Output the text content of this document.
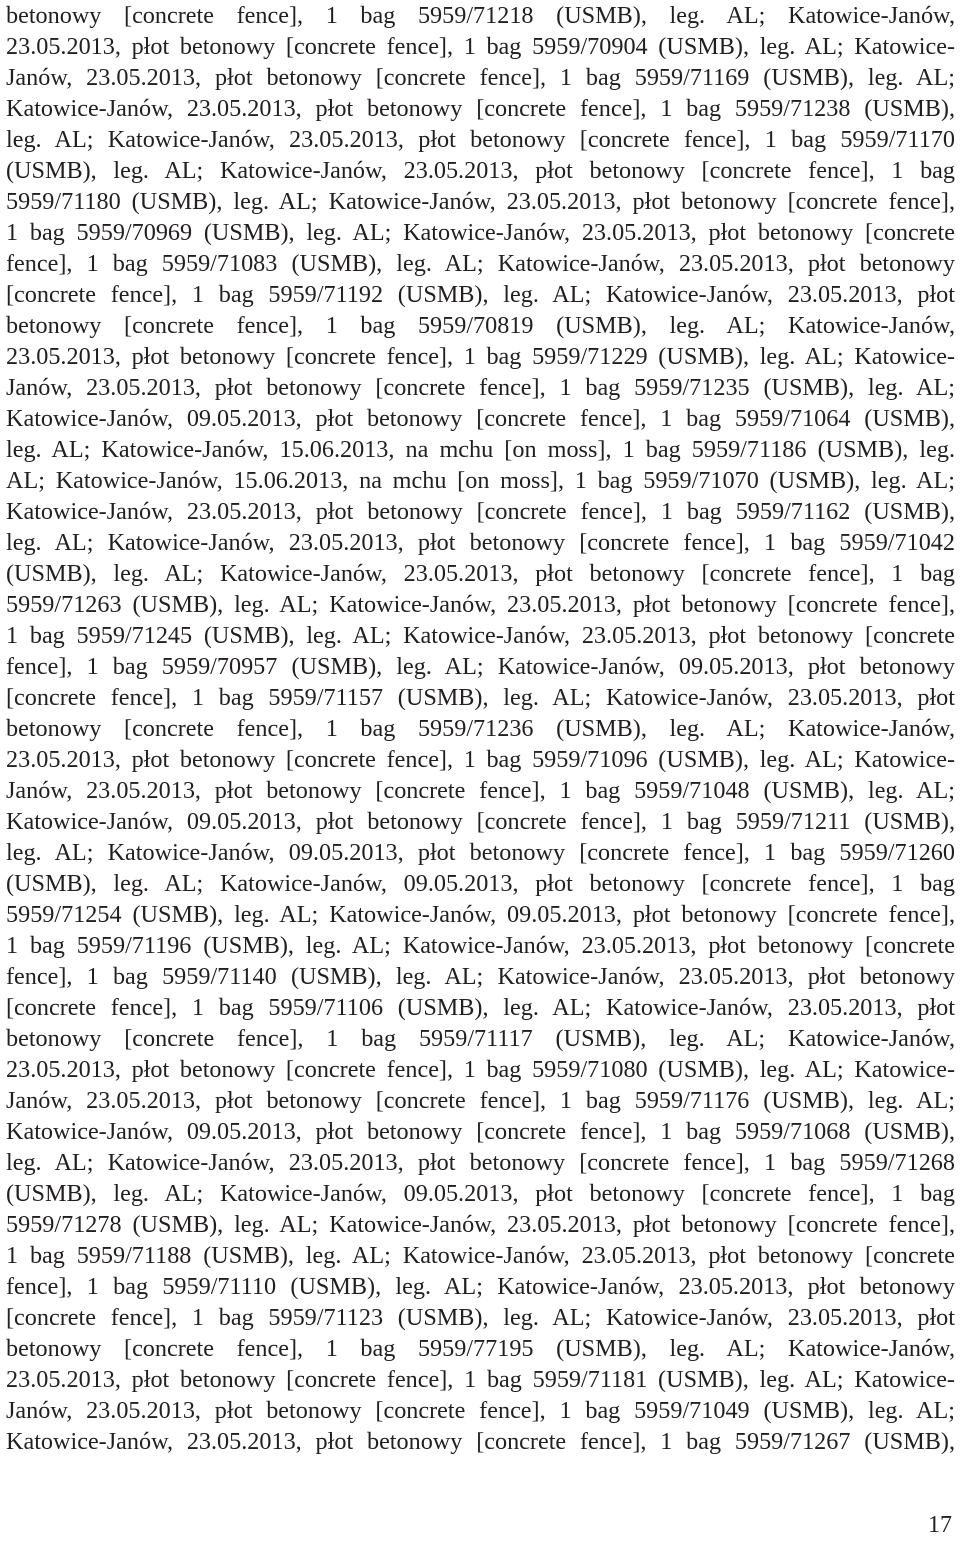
betonowy [concrete fence], 1 bag 5959/71218 (USMB), leg. AL; Katowice-Janów,
23.05.2013, płot betonowy [concrete fence], 1 bag 5959/70904 (USMB), leg. AL; Katowice-
Janów, 23.05.2013, płot betonowy [concrete fence], 1 bag 5959/71169 (USMB), leg. AL;
Katowice-Janów, 23.05.2013, płot betonowy [concrete fence], 1 bag 5959/71238 (USMB),
leg. AL; Katowice-Janów, 23.05.2013, płot betonowy [concrete fence], 1 bag 5959/71170
(USMB), leg. AL; Katowice-Janów, 23.05.2013, płot betonowy [concrete fence], 1 bag
5959/71180 (USMB), leg. AL; Katowice-Janów, 23.05.2013, płot betonowy [concrete fence],
1 bag 5959/70969 (USMB), leg. AL; Katowice-Janów, 23.05.2013, płot betonowy [concrete
fence], 1 bag 5959/71083 (USMB), leg. AL; Katowice-Janów, 23.05.2013, płot betonowy
[concrete fence], 1 bag 5959/71192 (USMB), leg. AL; Katowice-Janów, 23.05.2013, płot
betonowy [concrete fence], 1 bag 5959/70819 (USMB), leg. AL; Katowice-Janów,
23.05.2013, płot betonowy [concrete fence], 1 bag 5959/71229 (USMB), leg. AL; Katowice-
Janów, 23.05.2013, płot betonowy [concrete fence], 1 bag 5959/71235 (USMB), leg. AL;
Katowice-Janów, 09.05.2013, płot betonowy [concrete fence], 1 bag 5959/71064 (USMB),
leg. AL; Katowice-Janów, 15.06.2013, na mchu [on moss], 1 bag 5959/71186 (USMB), leg.
AL; Katowice-Janów, 15.06.2013, na mchu [on moss], 1 bag 5959/71070 (USMB), leg. AL;
Katowice-Janów, 23.05.2013, płot betonowy [concrete fence], 1 bag 5959/71162 (USMB),
leg. AL; Katowice-Janów, 23.05.2013, płot betonowy [concrete fence], 1 bag 5959/71042
(USMB), leg. AL; Katowice-Janów, 23.05.2013, płot betonowy [concrete fence], 1 bag
5959/71263 (USMB), leg. AL; Katowice-Janów, 23.05.2013, płot betonowy [concrete fence],
1 bag 5959/71245 (USMB), leg. AL; Katowice-Janów, 23.05.2013, płot betonowy [concrete
fence], 1 bag 5959/70957 (USMB), leg. AL; Katowice-Janów, 09.05.2013, płot betonowy
[concrete fence], 1 bag 5959/71157 (USMB), leg. AL; Katowice-Janów, 23.05.2013, płot
betonowy [concrete fence], 1 bag 5959/71236 (USMB), leg. AL; Katowice-Janów,
23.05.2013, płot betonowy [concrete fence], 1 bag 5959/71096 (USMB), leg. AL; Katowice-
Janów, 23.05.2013, płot betonowy [concrete fence], 1 bag 5959/71048 (USMB), leg. AL;
Katowice-Janów, 09.05.2013, płot betonowy [concrete fence], 1 bag 5959/71211 (USMB),
leg. AL; Katowice-Janów, 09.05.2013, płot betonowy [concrete fence], 1 bag 5959/71260
(USMB), leg. AL; Katowice-Janów, 09.05.2013, płot betonowy [concrete fence], 1 bag
5959/71254 (USMB), leg. AL; Katowice-Janów, 09.05.2013, płot betonowy [concrete fence],
1 bag 5959/71196 (USMB), leg. AL; Katowice-Janów, 23.05.2013, płot betonowy [concrete
fence], 1 bag 5959/71140 (USMB), leg. AL; Katowice-Janów, 23.05.2013, płot betonowy
[concrete fence], 1 bag 5959/71106 (USMB), leg. AL; Katowice-Janów, 23.05.2013, płot
betonowy [concrete fence], 1 bag 5959/71117 (USMB), leg. AL; Katowice-Janów,
23.05.2013, płot betonowy [concrete fence], 1 bag 5959/71080 (USMB), leg. AL; Katowice-
Janów, 23.05.2013, płot betonowy [concrete fence], 1 bag 5959/71176 (USMB), leg. AL;
Katowice-Janów, 09.05.2013, płot betonowy [concrete fence], 1 bag 5959/71068 (USMB),
leg. AL; Katowice-Janów, 23.05.2013, płot betonowy [concrete fence], 1 bag 5959/71268
(USMB), leg. AL; Katowice-Janów, 09.05.2013, płot betonowy [concrete fence], 1 bag
5959/71278 (USMB), leg. AL; Katowice-Janów, 23.05.2013, płot betonowy [concrete fence],
1 bag 5959/71188 (USMB), leg. AL; Katowice-Janów, 23.05.2013, płot betonowy [concrete
fence], 1 bag 5959/71110 (USMB), leg. AL; Katowice-Janów, 23.05.2013, płot betonowy
[concrete fence], 1 bag 5959/71123 (USMB), leg. AL; Katowice-Janów, 23.05.2013, płot
betonowy [concrete fence], 1 bag 5959/77195 (USMB), leg. AL; Katowice-Janów,
23.05.2013, płot betonowy [concrete fence], 1 bag 5959/71181 (USMB), leg. AL; Katowice-
Janów, 23.05.2013, płot betonowy [concrete fence], 1 bag 5959/71049 (USMB), leg. AL;
Katowice-Janów, 23.05.2013, płot betonowy [concrete fence], 1 bag 5959/71267 (USMB),
17
